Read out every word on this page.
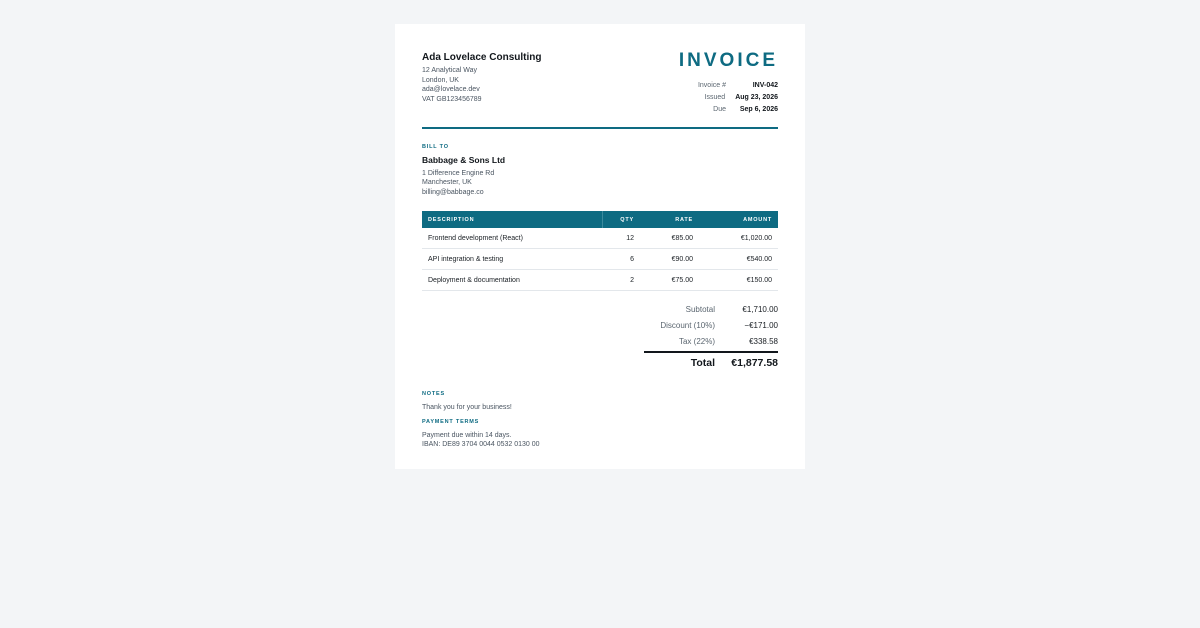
Ada Lovelace Consulting
12 Analytical Way
London, UK
ada@lovelace.dev
VAT GB123456789
INVOICE
Invoice #	INV-042
Issued Aug 23, 2026
Due	Sep 6, 2026
BILL TO
Babbage & Sons Ltd
1 Difference Engine Rd
Manchester, UK
billing@babbage.co
DESCRIPTION	QTY	RATE	AMOUNT
Frontend development (React)	12	€85.00	€1,020.00
API integration & testing	6	€90.00	€540.00
Deployment & documentation	2	€75.00	€150.00
Subtotal	€1,710.00
Discount (10%)	−€171.00
Tax (22%)	€338.58
Total	€1,877.58
NOTES
Thank you for your business!
PAYMENT TERMS
Payment due within 14 days.
IBAN: DE89 3704 0044 0532 0130 00
